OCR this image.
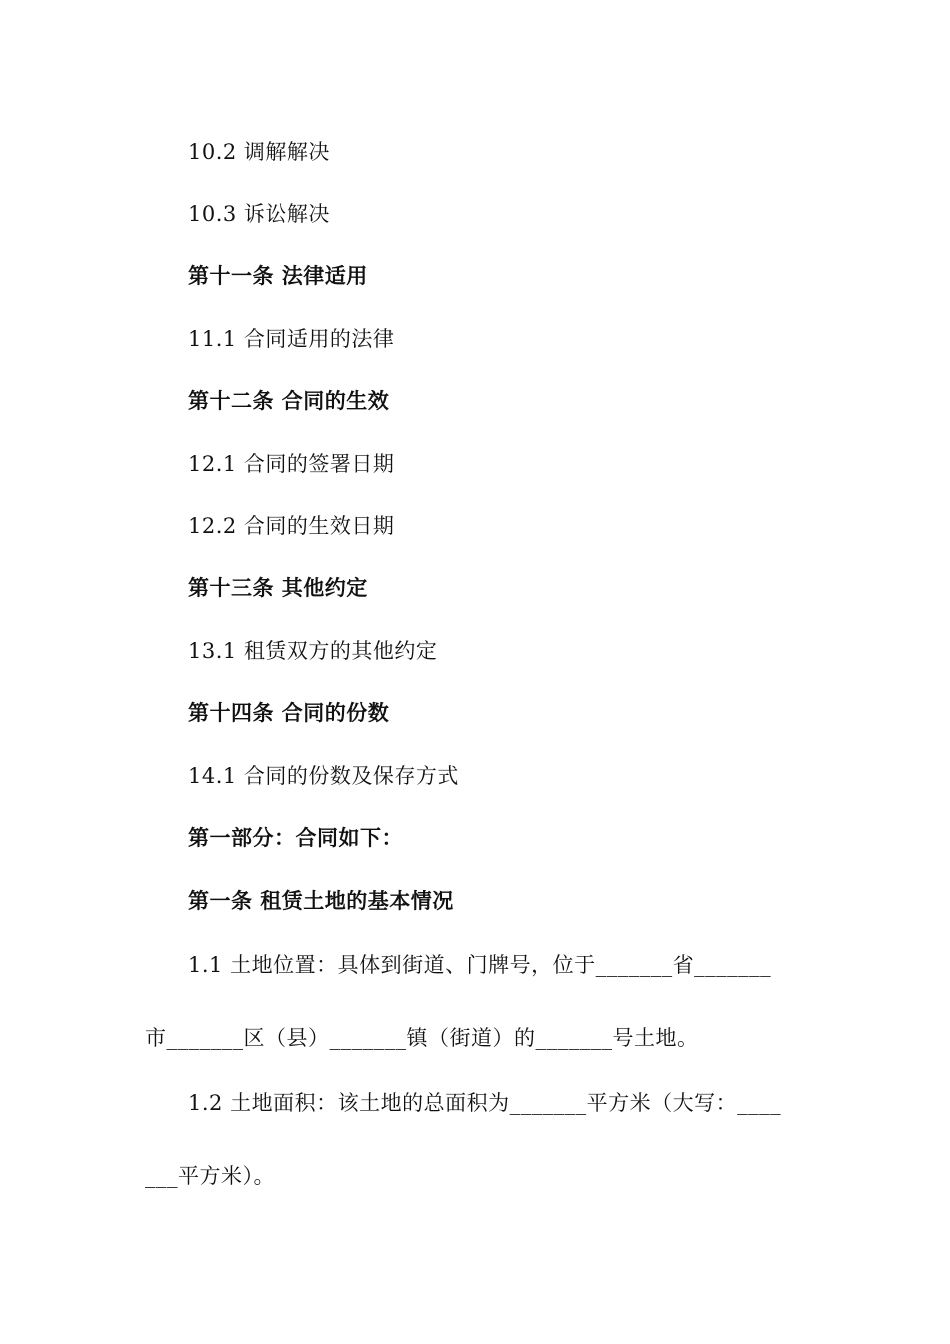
10.2 调解解决
10.3 诉讼解决
第十一条 法律适用
11.1 合同适用的法律
第十二条 合同的生效
12.1 合同的签署日期
12.2 合同的生效日期
第十三条 其他约定
13.1 租赁双方的其他约定
第十四条 合同的份数
14.1 合同的份数及保存方式
第一部分：合同如下：
第一条 租赁土地的基本情况
1.1 土地位置：具体到街道、门牌号，位于_______省_______
市_______区（县）_______镇（街道）的_______号土地。
1.2 土地面积：该土地的总面积为_______平方米（大写：____
___平方米）。
